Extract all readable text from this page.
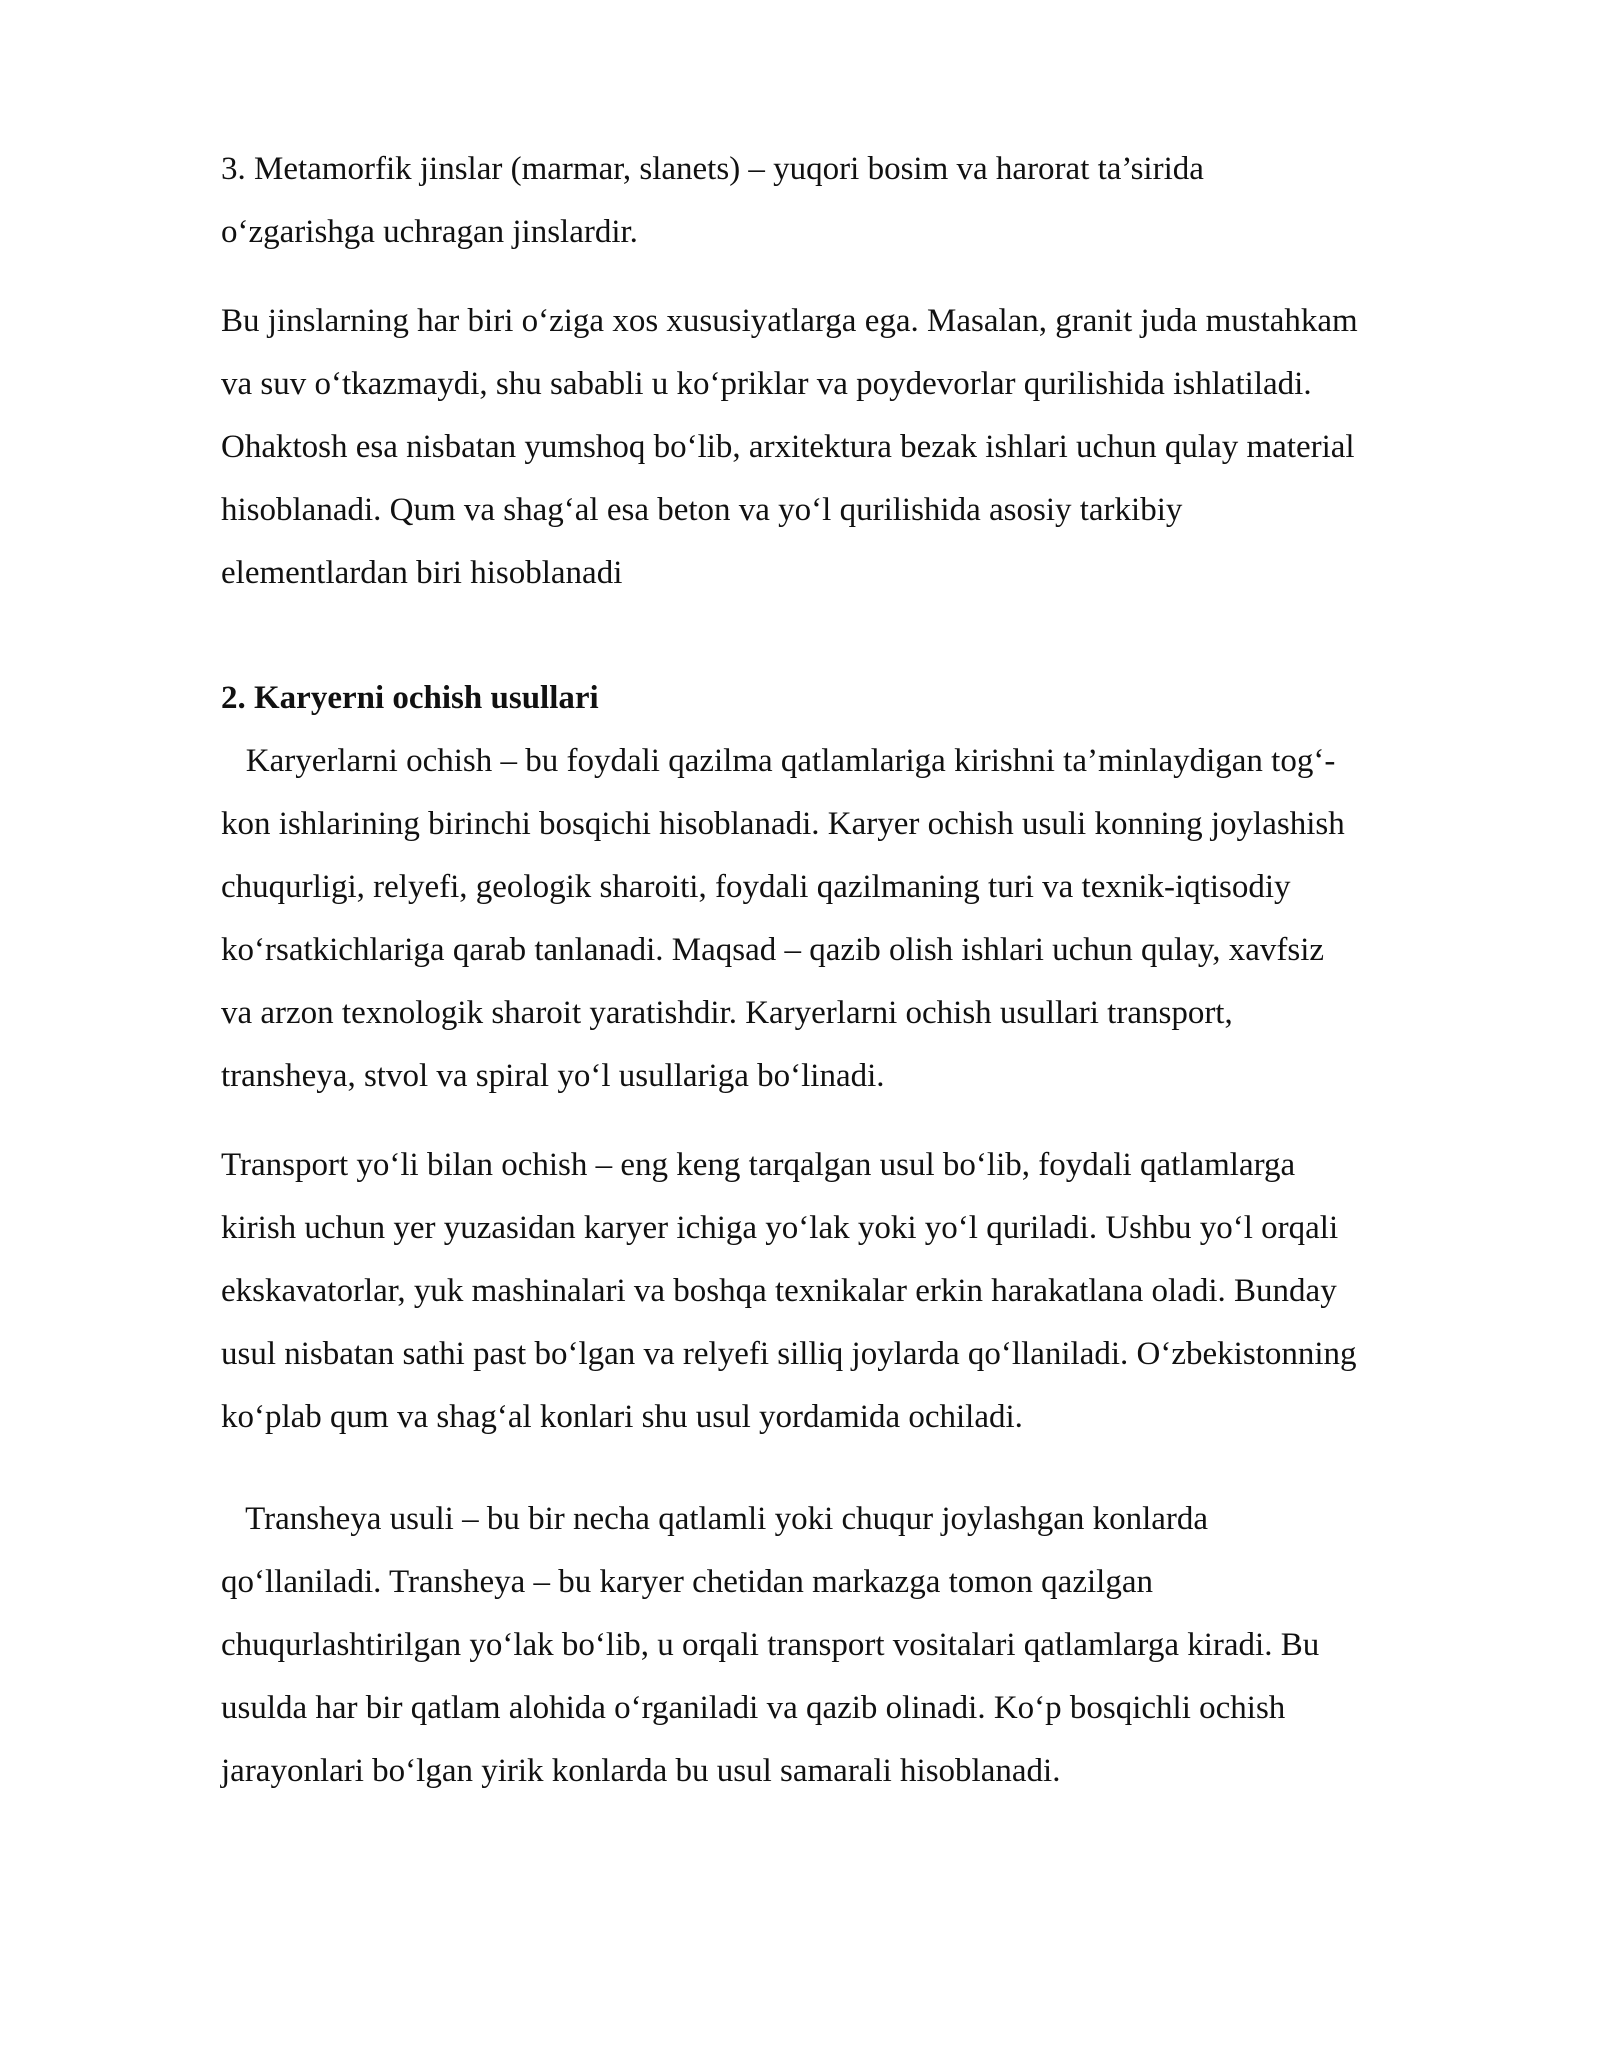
3. Metamorfik jinslar (marmar, slanets) – yuqori bosim va harorat ta’sirida
o‘zgarishga uchragan jinslardir.

Bu jinslarning har biri o‘ziga xos xususiyatlarga ega. Masalan, granit juda mustahkam
va suv o‘tkazmaydi, shu sababli u ko‘priklar va poydevorlar qurilishida ishlatiladi.
Ohaktosh esa nisbatan yumshoq bo‘lib, arxitektura bezak ishlari uchun qulay material
hisoblanadi. Qum va shag‘al esa beton va yo‘l qurilishida asosiy tarkibiy
elementlardan biri hisoblanadi

2. Karyerni ochish usullari

Karyerlarni ochish – bu foydali qazilma qatlamlariga kirishni ta’minlaydigan tog‘-
kon ishlarining birinchi bosqichi hisoblanadi. Karyer ochish usuli konning joylashish
chuqurligi, relyefi, geologik sharoiti, foydali qazilmaning turi va texnik-iqtisodiy
ko‘rsatkichlariga qarab tanlanadi. Maqsad – qazib olish ishlari uchun qulay, xavfsiz
va arzon texnologik sharoit yaratishdir. Karyerlarni ochish usullari transport,
transheya, stvol va spiral yo‘l usullariga bo‘linadi.

Transport yo‘li bilan ochish – eng keng tarqalgan usul bo‘lib, foydali qatlamlarga
kirish uchun yer yuzasidan karyer ichiga yo‘lak yoki yo‘l quriladi. Ushbu yo‘l orqali
ekskavatorlar, yuk mashinalari va boshqa texnikalar erkin harakatlana oladi. Bunday
usul nisbatan sathi past bo‘lgan va relyefi silliq joylarda qo‘llaniladi. O‘zbekistonning
ko‘plab qum va shag‘al konlari shu usul yordamida ochiladi.

Transheya usuli – bu bir necha qatlamli yoki chuqur joylashgan konlarda
qo‘llaniladi. Transheya – bu karyer chetidan markazga tomon qazilgan
chuqurlashtirilgan yo‘lak bo‘lib, u orqali transport vositalari qatlamlarga kiradi. Bu
usulda har bir qatlam alohida o‘rganiladi va qazib olinadi. Ko‘p bosqichli ochish
jarayonlari bo‘lgan yirik konlarda bu usul samarali hisoblanadi.
